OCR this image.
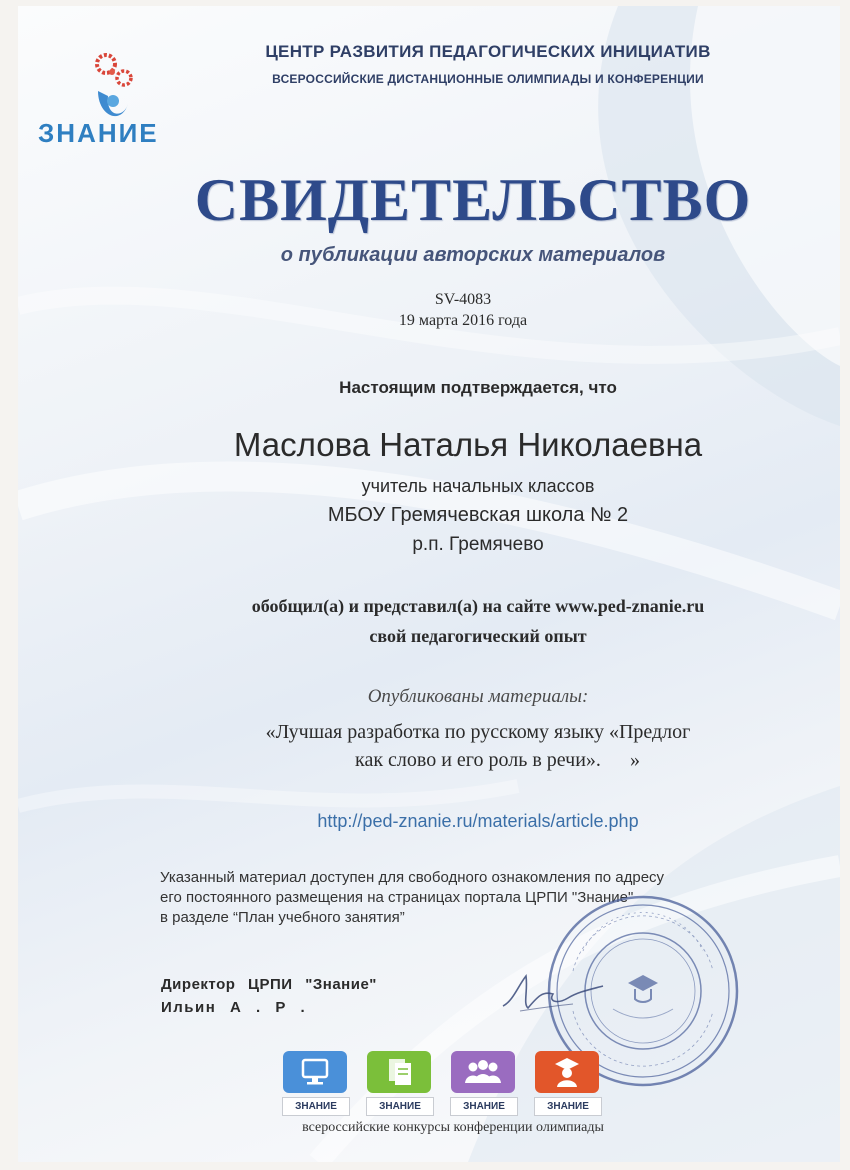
ЗНАНИЕ
ЦЕНТР РАЗВИТИЯ ПЕДАГОГИЧЕСКИХ ИНИЦИАТИВ
ВСЕРОССИЙСКИЕ ДИСТАНЦИОННЫЕ ОЛИМПИАДЫ И КОНФЕРЕНЦИИ
СВИДЕТЕЛЬСТВО
о публикации авторских материалов
SV-4083
19 марта 2016 года
Настоящим подтверждается, что
Маслова Наталья Николаевна
учитель начальных классов
МБОУ Гремячевская школа № 2
р.п. Гремячево
обобщил(а) и представил(а) на сайте www.ped-znanie.ru
свой педагогический опыт
Опубликованы материалы:
«Лучшая разработка по русскому языку «Предлог
как слово и его роль в речи».	»
http://ped-znanie.ru/materials/article.php
Указанный материал доступен для свободного ознакомления по адресу
его постоянного размещения на страницах портала ЦРПИ "Знание"
в разделе “План учебного занятия”
Директор ЦРПИ "Знание"
Ильин А . Р .
ЗНАНИЕ	ЗНАНИЕ	ЗНАНИЕ	ЗНАНИЕ
всероссийские конкурсы конференции олимпиады
